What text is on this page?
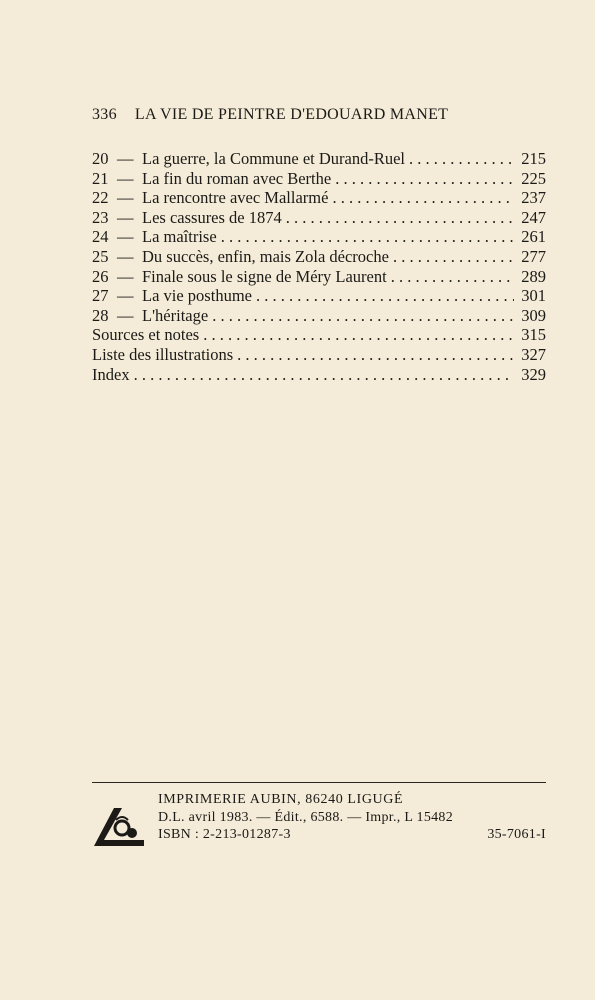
336 LA VIE DE PEINTRE D'EDOUARD MANET
20 — La guerre, la Commune et Durand-Ruel . . .	215
21 — La fin du roman avec Berthe . . .	225
22 — La rencontre avec Mallarmé . . .	237
23 — Les cassures de 1874 . . .	247
24 — La maîtrise . . .	261
25 — Du succès, enfin, mais Zola décroche . . .	277
26 — Finale sous le signe de Méry Laurent . . .	289
27 — La vie posthume . . .	301
28 — L'héritage . . .	309
Sources et notes . . .	315
Liste des illustrations . . .	327
Index . . .	329
IMPRIMERIE AUBIN, 86240 LIGUGÉ
D.L. avril 1983. — Édit., 6588. — Impr., L 15482
ISBN : 2-213-01287-3	35-7061-I
